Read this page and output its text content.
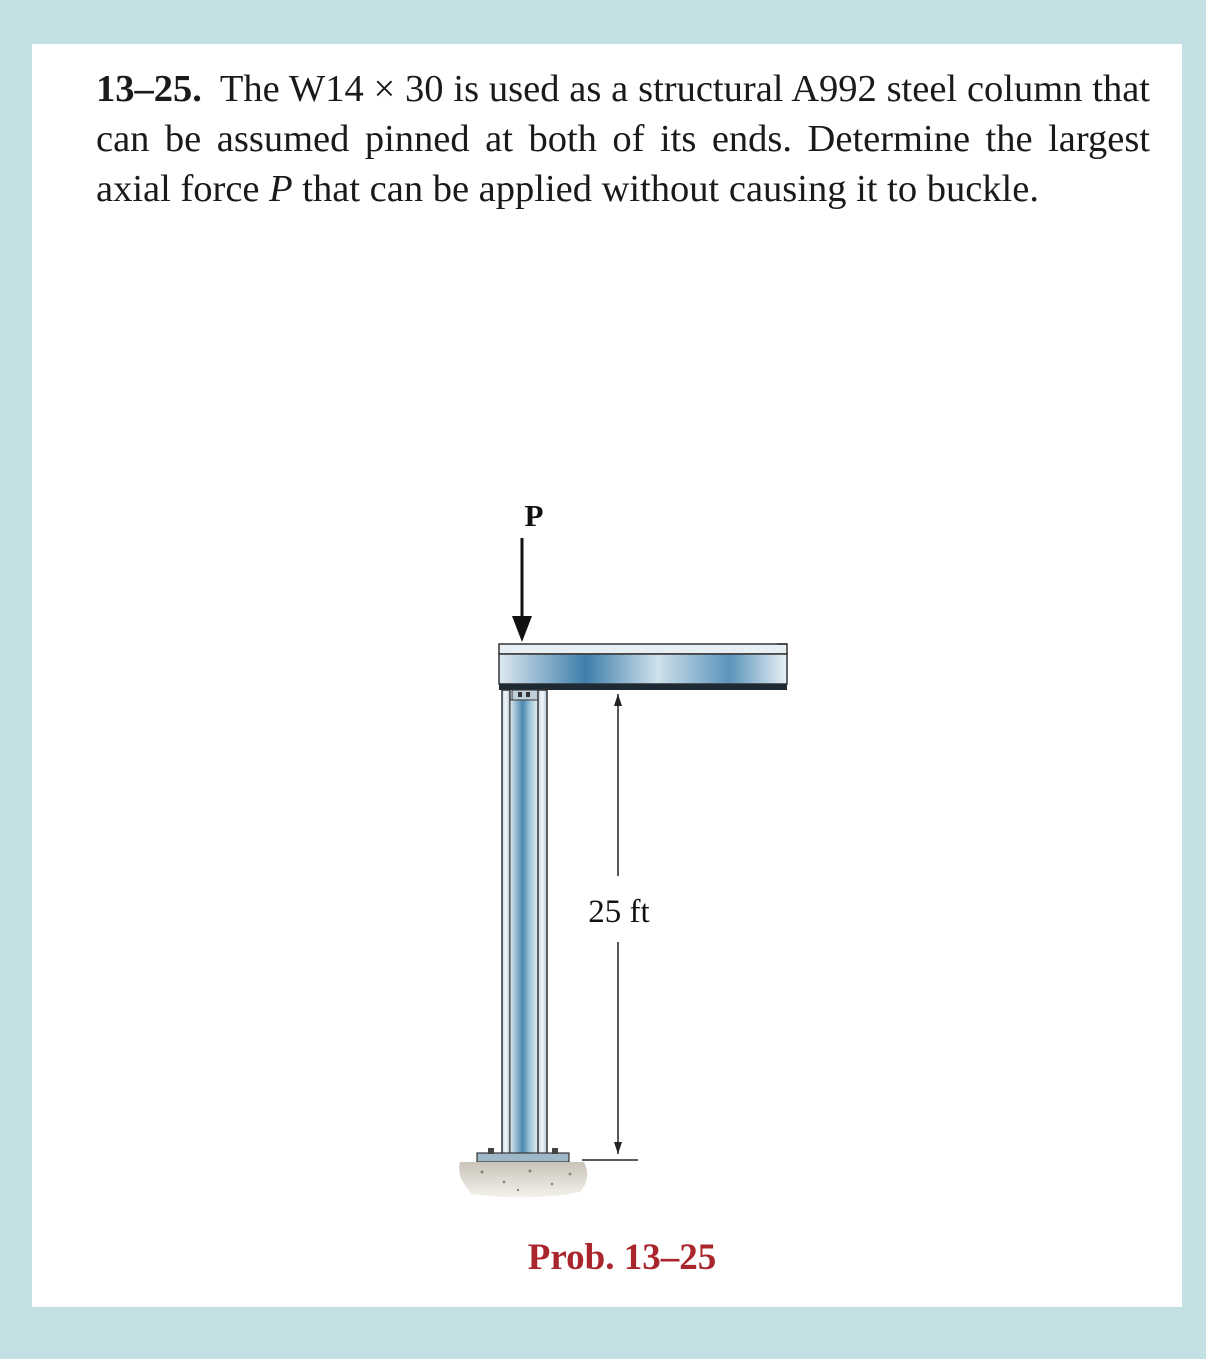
13–25. The W14 × 30 is used as a structural A992 steel column that can be assumed pinned at both of its ends. Determine the largest axial force P that can be applied without causing it to buckle.

P
25 ft

Prob. 13–25
